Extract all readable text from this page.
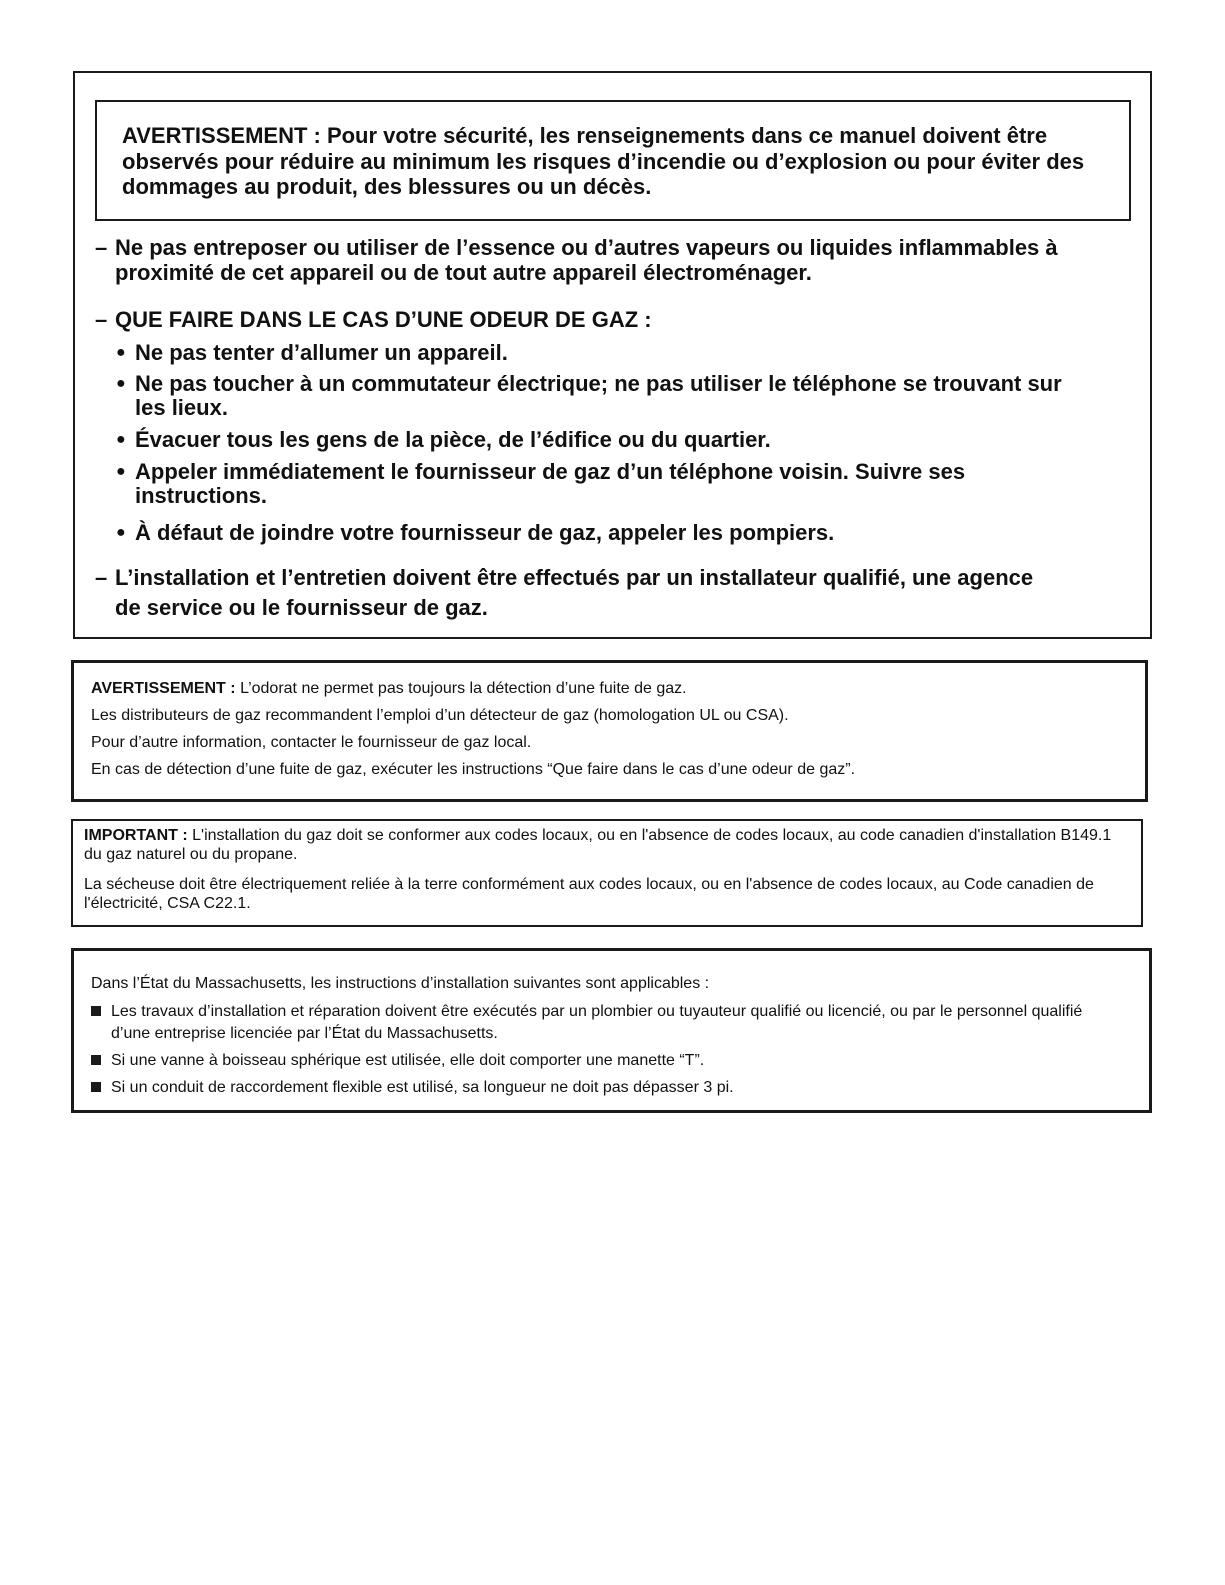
AVERTISSEMENT : Pour votre sécurité, les renseignements dans ce manuel doivent être observés pour réduire au minimum les risques d’incendie ou d’explosion ou pour éviter des dommages au produit, des blessures ou un décès.

– Ne pas entreposer ou utiliser de l’essence ou d’autres vapeurs ou liquides inflammables à proximité de cet appareil ou de tout autre appareil électroménager.

– QUE FAIRE DANS LE CAS D’UNE ODEUR DE GAZ :

● Ne pas tenter d’allumer un appareil.
● Ne pas toucher à un commutateur électrique; ne pas utiliser le téléphone se trouvant sur les lieux.
● Évacuer tous les gens de la pièce, de l’édifice ou du quartier.
● Appeler immédiatement le fournisseur de gaz d’un téléphone voisin. Suivre ses instructions.
● À défaut de joindre votre fournisseur de gaz, appeler les pompiers.
– L’installation et l’entretien doivent être effectués par un installateur qualifié, une agence de service ou le fournisseur de gaz.

AVERTISSEMENT : L’odorat ne permet pas toujours la détection d’une fuite de gaz.
Les distributeurs de gaz recommandent l’emploi d’un détecteur de gaz (homologation UL ou CSA).
Pour d’autre information, contacter le fournisseur de gaz local.
En cas de détection d’une fuite de gaz, exécuter les instructions “Que faire dans le cas d’une odeur de gaz”.

IMPORTANT : L'installation du gaz doit se conformer aux codes locaux, ou en l'absence de codes locaux, au code canadien d'installation B149.1 du gaz naturel ou du propane.

La sécheuse doit être électriquement reliée à la terre conformément aux codes locaux, ou en l'absence de codes locaux, au Code canadien de l'électricité, CSA C22.1.

Dans l’État du Massachusetts, les instructions d’installation suivantes sont applicables :

Les travaux d’installation et réparation doivent être exécutés par un plombier ou tuyauteur qualifié ou licencié, ou par le personnel qualifié d’une entreprise licenciée par l’État du Massachusetts.

Si une vanne à boisseau sphérique est utilisée, elle doit comporter une manette “T”.

Si un conduit de raccordement flexible est utilisé, sa longueur ne doit pas dépasser 3 pi.
